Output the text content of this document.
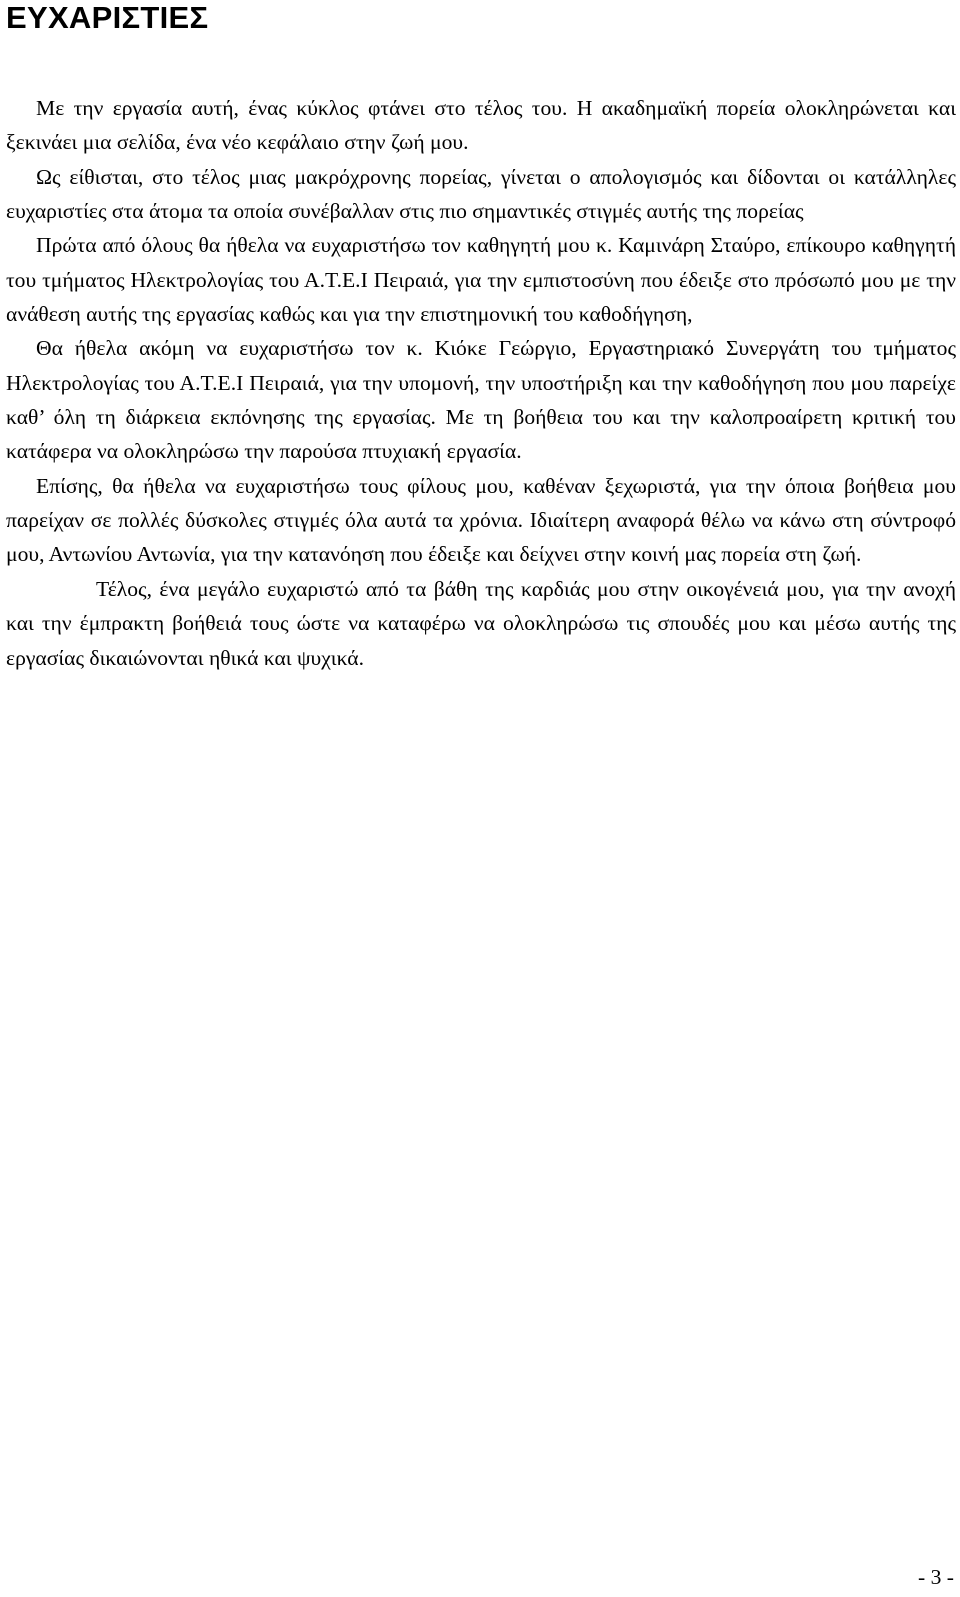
ΕΥΧΑΡΙΣΤΙΕΣ

Με την εργασία αυτή, ένας κύκλος φτάνει στο τέλος του. Η ακαδημαϊκή πορεία ολοκληρώνεται και ξεκινάει μια σελίδα, ένα νέο κεφάλαιο στην ζωή μου.

Ως είθισται, στο τέλος μιας μακρόχρονης πορείας, γίνεται ο απολογισμός και δίδονται οι κατάλληλες ευχαριστίες στα άτομα τα οποία συνέβαλλαν στις πιο σημαντικές στιγμές αυτής της πορείας

Πρώτα από όλους θα ήθελα να ευχαριστήσω τον καθηγητή μου κ. Καμινάρη Σταύρο, επίκουρο καθηγητή του τμήματος Ηλεκτρολογίας του Α.Τ.Ε.Ι Πειραιά, για την εμπιστοσύνη που έδειξε στο πρόσωπό μου με την ανάθεση αυτής της εργασίας καθώς και για την επιστημονική του καθοδήγηση,

Θα ήθελα ακόμη να ευχαριστήσω τον κ. Κιόκε Γεώργιο, Εργαστηριακό Συνεργάτη του τμήματος Ηλεκτρολογίας του Α.Τ.Ε.Ι Πειραιά, για την υπομονή, την υποστήριξη και την καθοδήγηση που μου παρείχε καθ’ όλη τη διάρκεια εκπόνησης της εργασίας. Με τη βοήθεια του και την καλοπροαίρετη κριτική του κατάφερα να ολοκληρώσω την παρούσα πτυχιακή εργασία.

Επίσης, θα ήθελα να ευχαριστήσω τους φίλους μου, καθέναν ξεχωριστά, για την όποια βοήθεια μου παρείχαν σε πολλές δύσκολες στιγμές όλα αυτά τα χρόνια. Ιδιαίτερη αναφορά θέλω να κάνω στη σύντροφό μου, Αντωνίου Αντωνία, για την κατανόηση που έδειξε και δείχνει στην κοινή μας πορεία στη ζωή.

Τέλος, ένα μεγάλο ευχαριστώ από τα βάθη της καρδιάς μου στην οικογένειά μου, για την ανοχή και την έμπρακτη βοήθειά τους ώστε να καταφέρω να ολοκληρώσω τις σπουδές μου και μέσω αυτής της εργασίας δικαιώνονται ηθικά και ψυχικά.

- 3 -
